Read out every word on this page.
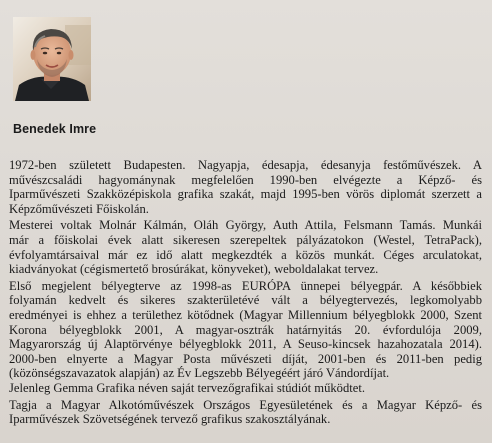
Benedek Imre

1972-ben született Budapesten. Nagyapja, édesapja, édesanyja festőművészek. A
művészcsaládi hagyománynak megfelelően 1990-ben elvégezte a Képző- és
Iparművészeti Szakközépiskola grafika szakát, majd 1995-ben vörös diplomát szerzett a
Képzőművészeti Főiskolán.

Mesterei voltak Molnár Kálmán, Oláh György, Auth Attila, Felsmann Tamás. Munkái
már a főiskolai évek alatt sikeresen szerepeltek pályázatokon (Westel, TetraPack),
évfolyamtársaival már ez idő alatt megkezdték a közös munkát. Céges arculatokat,
kiadványokat (cégismertető brosúrákat, könyveket), weboldalakat tervez.

Első megjelent bélyegterve az 1998-as EURÓPA ünnepei bélyegpár. A későbbiek
folyamán kedvelt és sikeres szakterületévé vált a bélyegtervezés, legkomolyabb
eredményei is ehhez a területhez kötődnek (Magyar Millennium bélyegblokk 2000, Szent
Korona bélyegblokk 2001, A magyar-osztrák határnyitás 20. évfordulója 2009,
Magyarország új Alaptörvénye bélyegblokk 2011, A Seuso-kincsek hazahozatala 2014).
2000-ben elnyerte a Magyar Posta művészeti díját, 2001-ben és 2011-ben pedig
(közönségszavazatok alapján) az Év Legszebb Bélyegéért járó Vándordíjat.
Jelenleg Gemma Grafika néven saját tervezőgrafikai stúdiót működtet.

Tagja a Magyar Alkotóművészek Országos Egyesületének és a Magyar Képző- és
Iparművészek Szövetségének tervező grafikus szakosztályának.
